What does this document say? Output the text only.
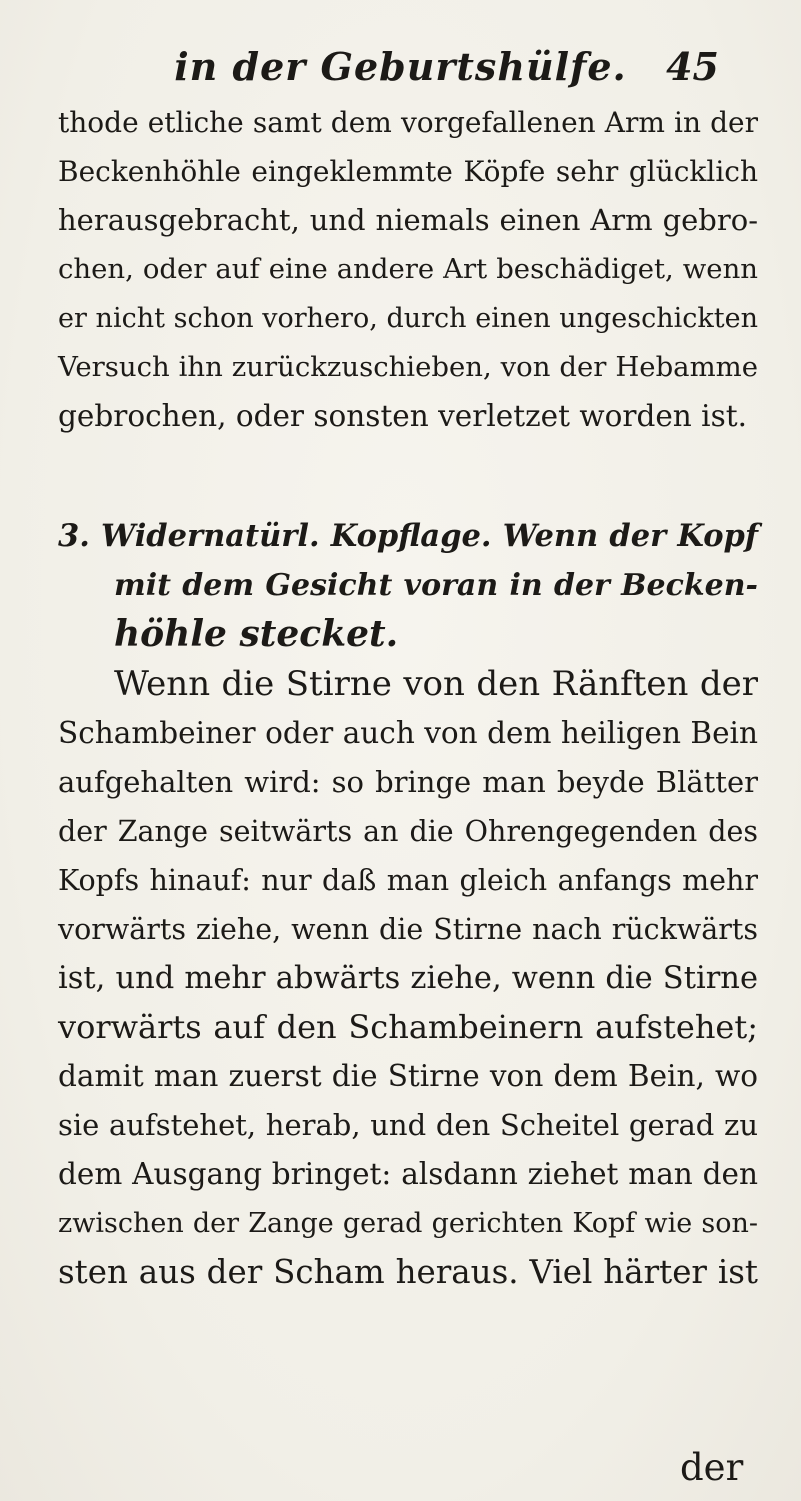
in der Geburtshülfe.	45
thode etliche samt dem vorgefallenen Arm in der
Beckenhöhle eingeklemmte Köpfe sehr glücklich
herausgebracht, und niemals einen Arm gebro-
chen, oder auf eine andere Art beschädiget, wenn
er nicht schon vorhero, durch einen ungeschickten
Versuch ihn zurückzuschieben, von der Hebamme
gebrochen, oder sonsten verletzet worden ist.
3. Widernatürl. Kopflage. Wenn der Kopf
mit dem Gesicht voran in der Becken-
höhle stecket.
Wenn die Stirne von den Ränften der
Schambeiner oder auch von dem heiligen Bein
aufgehalten wird: so bringe man beyde Blätter
der Zange seitwärts an die Ohrengegenden des
Kopfs hinauf: nur daß man gleich anfangs mehr
vorwärts ziehe, wenn die Stirne nach rückwärts
ist, und mehr abwärts ziehe, wenn die Stirne
vorwärts auf den Schambeinern aufstehet;
damit man zuerst die Stirne von dem Bein, wo
sie aufstehet, herab, und den Scheitel gerad zu
dem Ausgang bringet: alsdann ziehet man den
zwischen der Zange gerad gerichten Kopf wie son-
sten aus der Scham heraus. Viel härter ist
der
